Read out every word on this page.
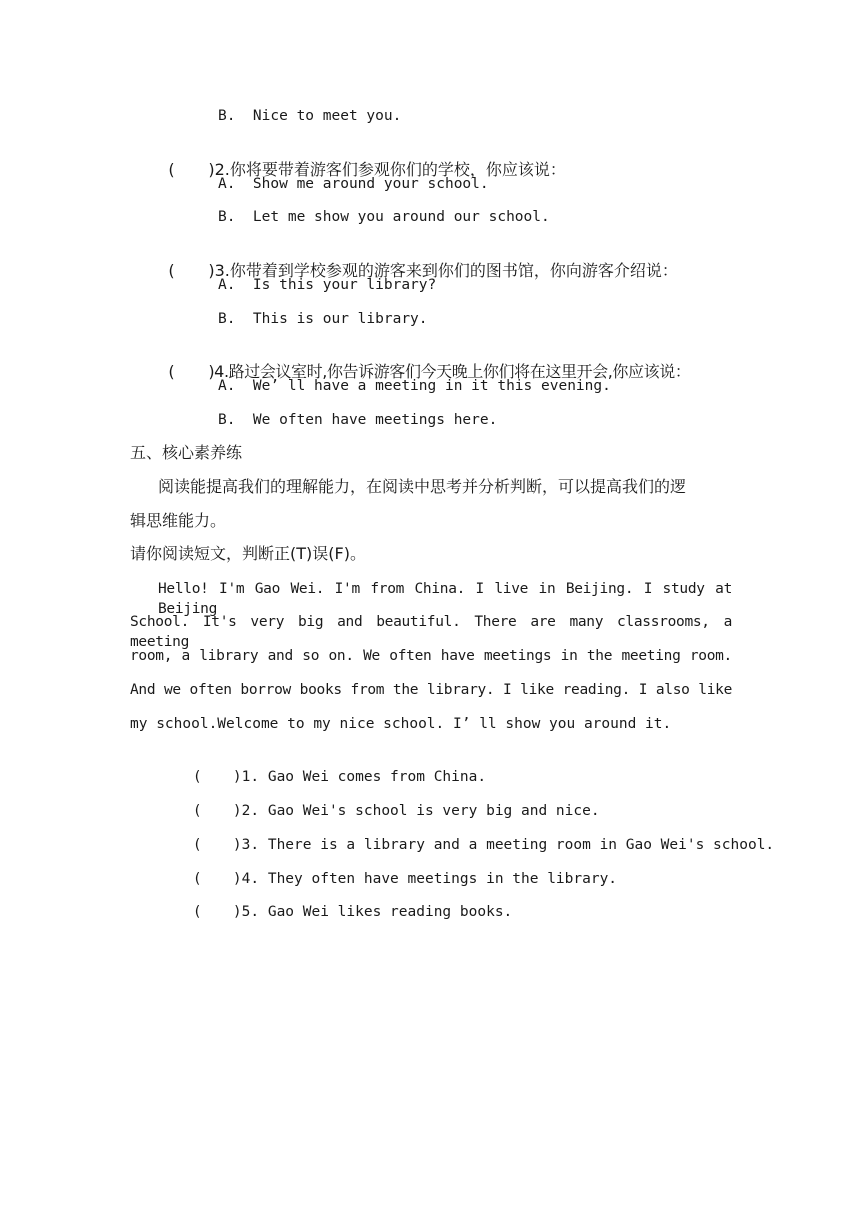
B.  Nice to meet you.

( )2.你将要带着游客们参观你们的学校，你应该说：

A.  Show me around your school.
B.  Let me show you around our school.

( )3.你带着到学校参观的游客来到你们的图书馆，你向游客介绍说：

A.  Is this your library?
B.  This is our library.

( )4.路过会议室时,你告诉游客们今天晚上你们将在这里开会,你应该说：

A.  We’ ll have a meeting in it this evening.
B.  We often have meetings here.
五、核心素养练
阅读能提高我们的理解能力，在阅读中思考并分析判断，可以提高我们的逻
辑思维能力。
请你阅读短文，判断正(T)误(F)。
Hello! I'm Gao Wei. I'm from China. I live in Beijing. I study at Beijing
School. It's very big and beautiful. There are many classrooms, a meeting
room, a library and so on. We often have meetings in the meeting room.
And we often borrow books from the library. I like reading. I also like
my school.Welcome to my nice school. I’ ll show you around it.

( )1. Gao Wei comes from China.

( )2. Gao Wei's school is very big and nice.

( )3. There is a library and a meeting room in Gao Wei's school.

( )4. They often have meetings in the library.

( )5. Gao Wei likes reading books.
